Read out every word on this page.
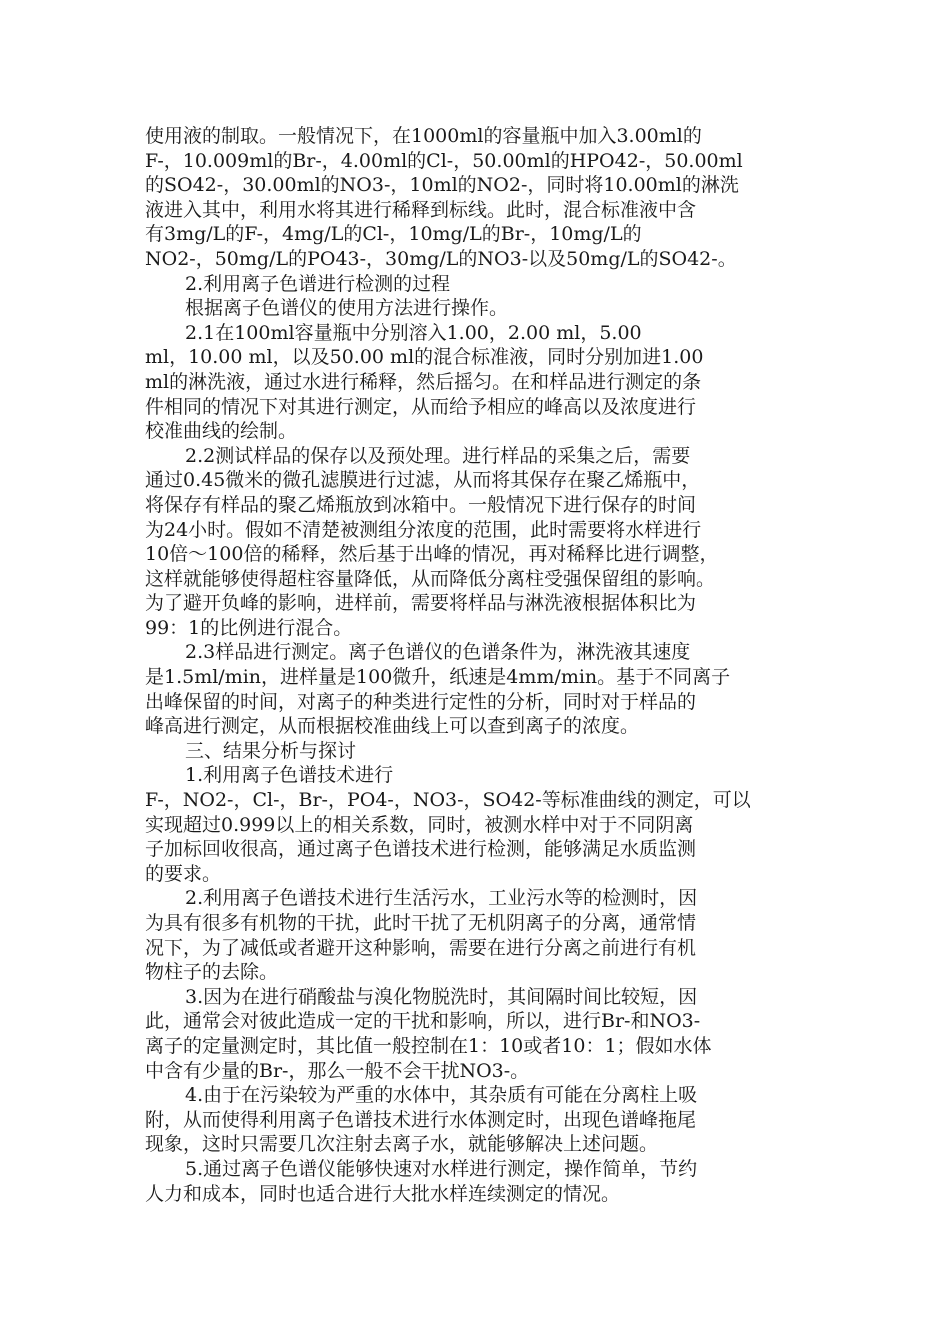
使用液的制取。一般情况下，在1000ml的容量瓶中加入3.00ml的
F-，10.009ml的Br-，4.00ml的Cl-，50.00ml的HPO42-，50.00ml
的SO42-，30.00ml的NO3-，10ml的NO2-，同时将10.00ml的淋洗
液进入其中，利用水将其进行稀释到标线。此时，混合标准液中含
有3mg/L的F-，4mg/L的Cl-，10mg/L的Br-，10mg/L的
NO2-，50mg/L的PO43-，30mg/L的NO3-以及50mg/L的SO42-。
2.利用离子色谱进行检测的过程
根据离子色谱仪的使用方法进行操作。
2.1在100ml容量瓶中分别溶入1.00，2.00 ml，5.00
ml，10.00 ml，以及50.00 ml的混合标准液，同时分别加进1.00
ml的淋洗液，通过水进行稀释，然后摇匀。在和样品进行测定的条
件相同的情况下对其进行测定，从而给予相应的峰高以及浓度进行
校准曲线的绘制。
2.2测试样品的保存以及预处理。进行样品的采集之后，需要
通过0.45微米的微孔滤膜进行过滤，从而将其保存在聚乙烯瓶中，
将保存有样品的聚乙烯瓶放到冰箱中。一般情况下进行保存的时间
为24小时。假如不清楚被测组分浓度的范围，此时需要将水样进行
10倍～100倍的稀释，然后基于出峰的情况，再对稀释比进行调整，
这样就能够使得超柱容量降低，从而降低分离柱受强保留组的影响。
为了避开负峰的影响，进样前，需要将样品与淋洗液根据体积比为
99：1的比例进行混合。
2.3样品进行测定。离子色谱仪的色谱条件为，淋洗液其速度
是1.5ml/min，进样量是100微升，纸速是4mm/min。基于不同离子
出峰保留的时间，对离子的种类进行定性的分析，同时对于样品的
峰高进行测定，从而根据校准曲线上可以查到离子的浓度。
三、结果分析与探讨
1.利用离子色谱技术进行
F-，NO2-，Cl-，Br-，PO4-，NO3-，SO42-等标准曲线的测定，可以
实现超过0.999以上的相关系数，同时，被测水样中对于不同阴离
子加标回收很高，通过离子色谱技术进行检测，能够满足水质监测
的要求。
2.利用离子色谱技术进行生活污水，工业污水等的检测时，因
为具有很多有机物的干扰，此时干扰了无机阴离子的分离，通常情
况下，为了减低或者避开这种影响，需要在进行分离之前进行有机
物柱子的去除。
3.因为在进行硝酸盐与溴化物脱洗时，其间隔时间比较短，因
此，通常会对彼此造成一定的干扰和影响，所以，进行Br-和NO3-
离子的定量测定时，其比值一般控制在1：10或者10：1；假如水体
中含有少量的Br-，那么一般不会干扰NO3-。
4.由于在污染较为严重的水体中，其杂质有可能在分离柱上吸
附，从而使得利用离子色谱技术进行水体测定时，出现色谱峰拖尾
现象，这时只需要几次注射去离子水，就能够解决上述问题。
5.通过离子色谱仪能够快速对水样进行测定，操作简单，节约
人力和成本，同时也适合进行大批水样连续测定的情况。
